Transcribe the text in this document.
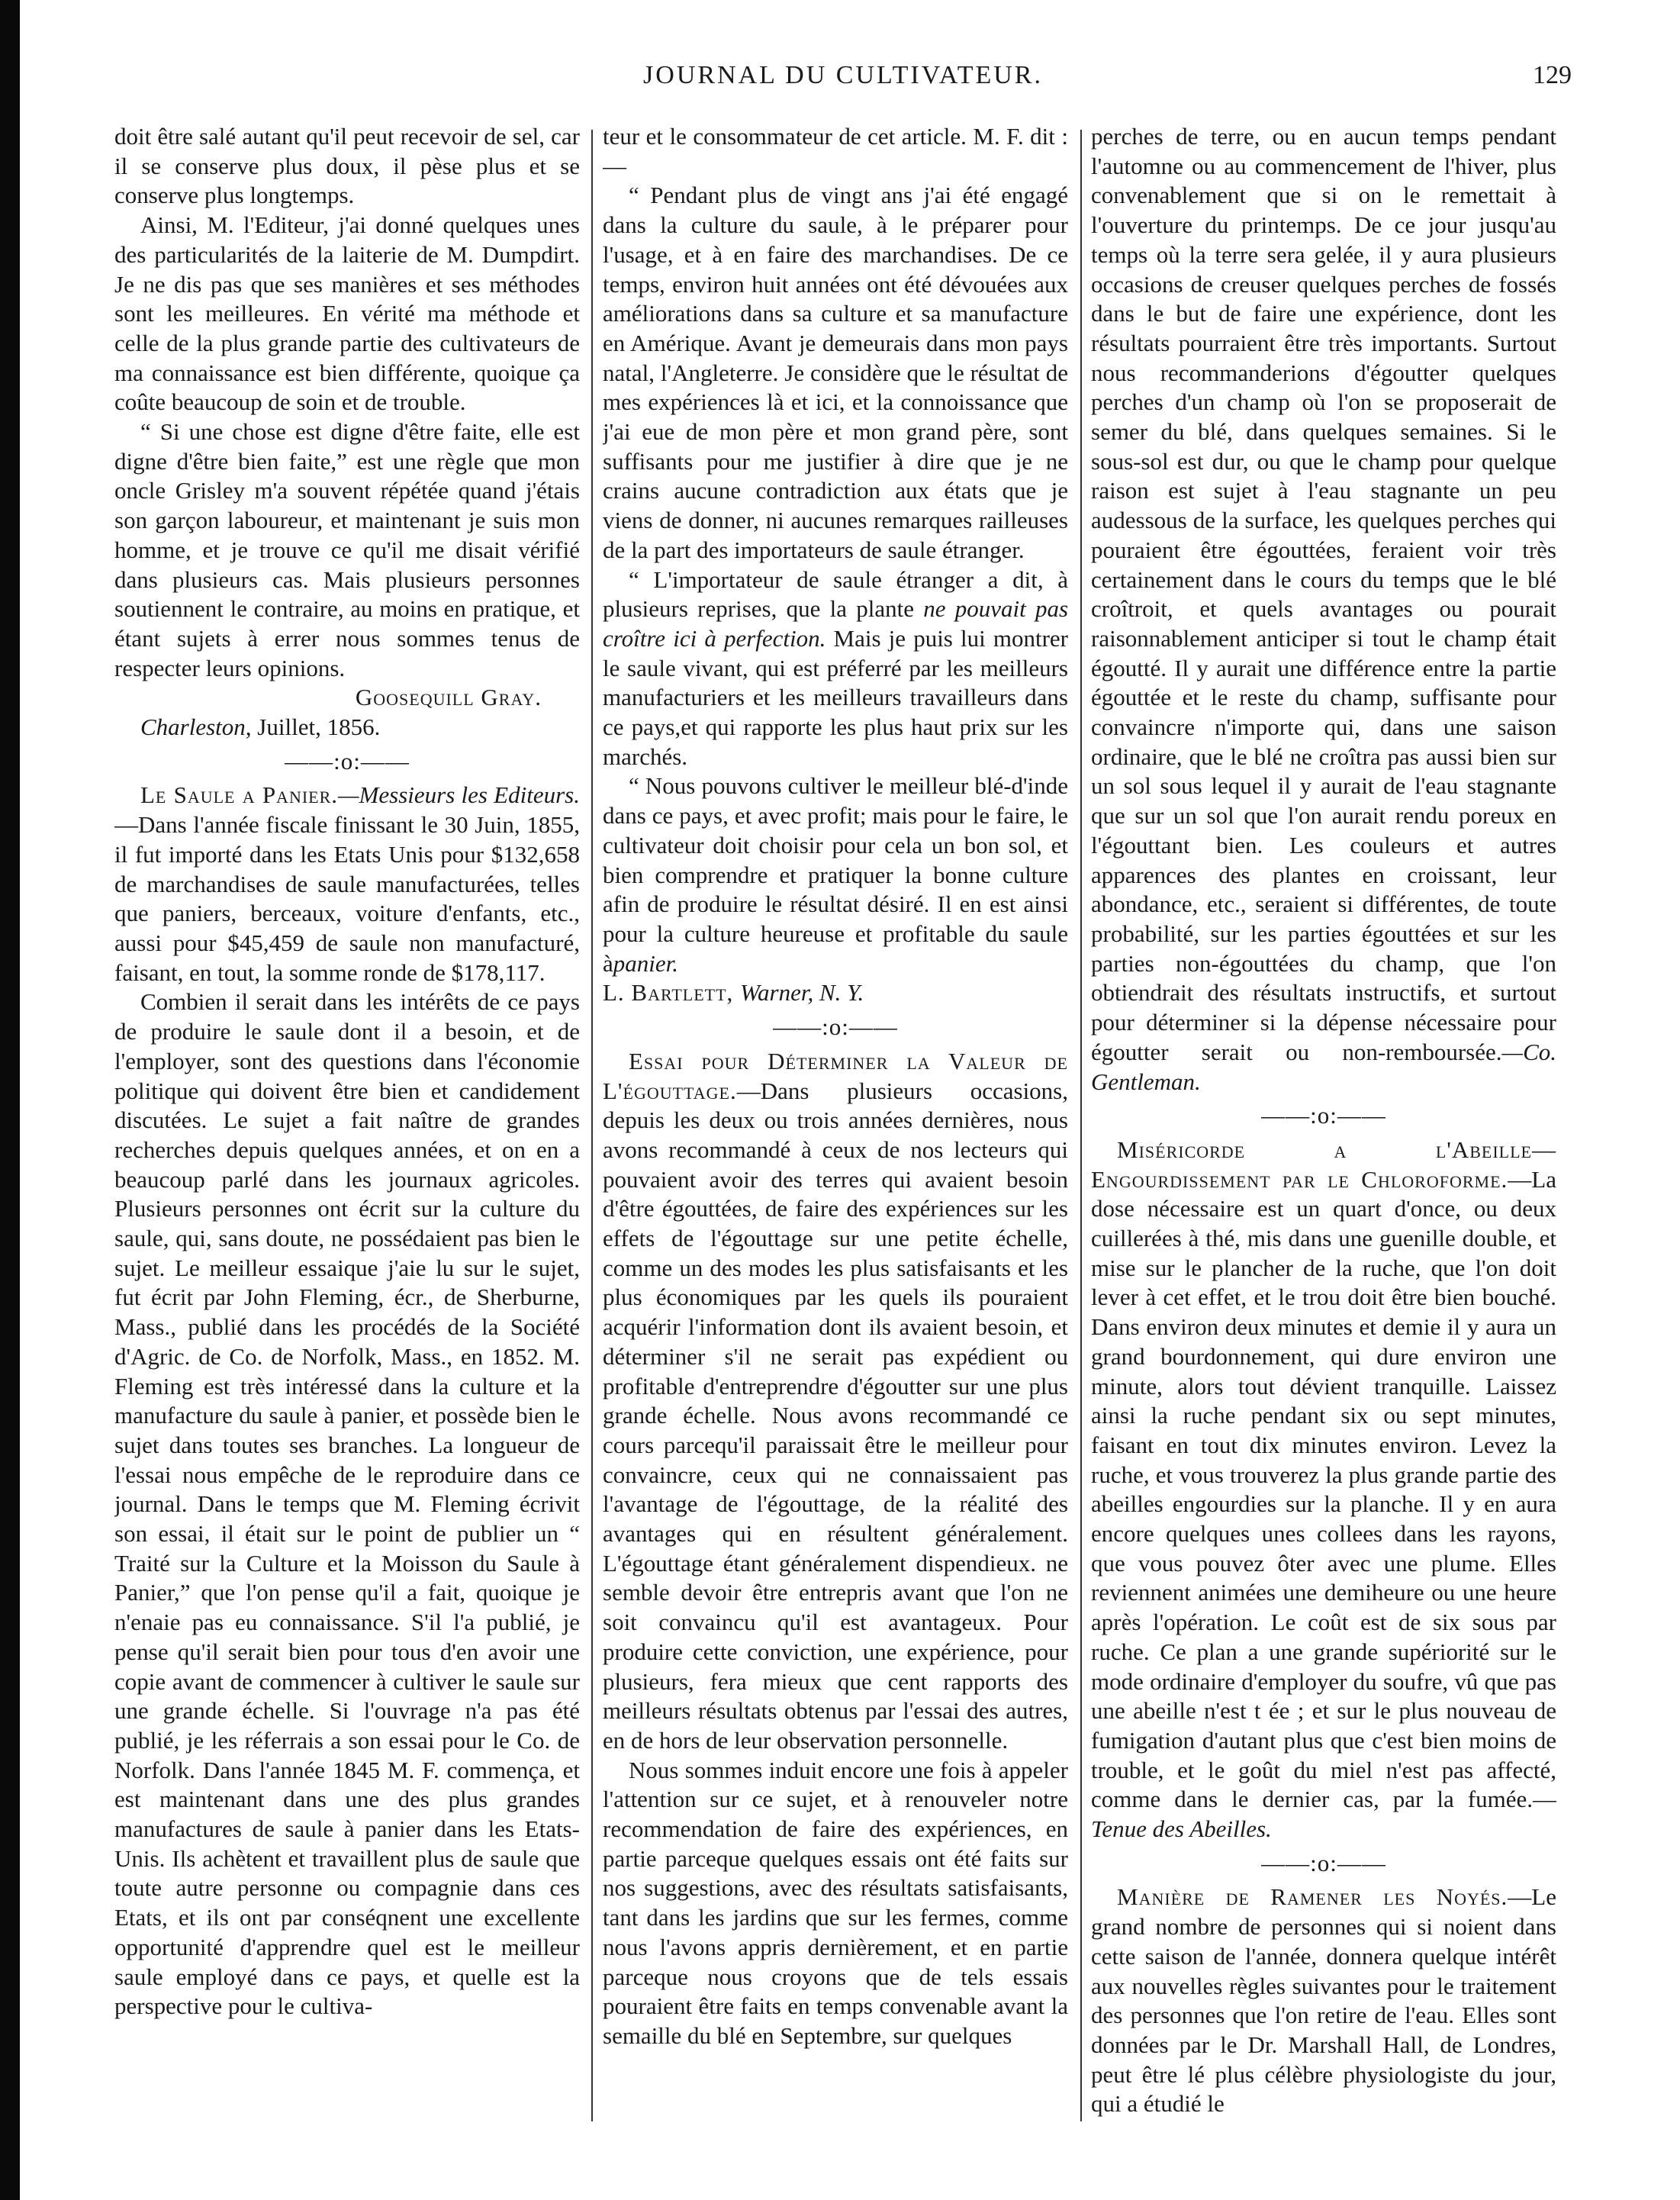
JOURNAL DU CULTIVATEUR.	129

doit être salé autant qu'il peut recevoir de sel, car il se conserve plus doux, il pèse plus et se conserve plus longtemps.

Ainsi, M. l'Editeur, j'ai donné quelques unes des particularités de la laiterie de M. Dumpdirt. Je ne dis pas que ses manières et ses méthodes sont les meilleures. En vérité ma méthode et celle de la plus grande partie des cultivateurs de ma connaissance est bien différente, quoique ça coûte beaucoup de soin et de trouble.

“ Si une chose est digne d'être faite, elle est digne d'être bien faite,” est une règle que mon oncle Grisley m'a souvent répétée quand j'étais son garçon laboureur, et maintenant je suis mon homme, et je trouve ce qu'il me disait vérifié dans plusieurs cas. Mais plusieurs personnes soutiennent le contraire, au moins en pratique, et étant sujets à errer nous sommes tenus de respecter leurs opinions.

Goosequill Gray.

Charleston, Juillet, 1856.

——:o:——

Le Saule a Panier.—Messieurs les Editeurs.—Dans l'année fiscale finissant le 30 Juin, 1855, il fut importé dans les Etats Unis pour $132,658 de marchandises de saule manufacturées, telles que paniers, berceaux, voiture d'enfants, etc., aussi pour $45,459 de saule non manufacturé, faisant, en tout, la somme ronde de $178,117.

Combien il serait dans les intérêts de ce pays de produire le saule dont il a besoin, et de l'employer, sont des questions dans l'économie politique qui doivent être bien et candidement discutées. Le sujet a fait naître de grandes recherches depuis quelques années, et on en a beaucoup parlé dans les journaux agricoles. Plusieurs personnes ont écrit sur la culture du saule, qui, sans doute, ne possédaient pas bien le sujet. Le meilleur essaique j'aie lu sur le sujet, fut écrit par John Fleming, écr., de Sherburne, Mass., publié dans les procédés de la Société d'Agric. de Co. de Norfolk, Mass., en 1852. M. Fleming est très intéressé dans la culture et la manufacture du saule à panier, et possède bien le sujet dans toutes ses branches. La longueur de l'essai nous empêche de le reproduire dans ce journal. Dans le temps que M. Fleming écrivit son essai, il était sur le point de publier un “ Traité sur la Culture et la Moisson du Saule à Panier,” que l'on pense qu'il a fait, quoique je n'enaie pas eu connaissance. S'il l'a publié, je pense qu'il serait bien pour tous d'en avoir une copie avant de commencer à cultiver le saule sur une grande échelle. Si l'ouvrage n'a pas été publié, je les réferrais a son essai pour le Co. de Norfolk. Dans l'année 1845 M. F. commença, et est maintenant dans une des plus grandes manufactures de saule à panier dans les Etats-Unis. Ils achètent et travaillent plus de saule que toute autre personne ou compagnie dans ces Etats, et ils ont par conséqnent une excellente opportunité d'apprendre quel est le meilleur saule employé dans ce pays, et quelle est la perspective pour le cultiva-

teur et le consommateur de cet article. M. F. dit :—

“ Pendant plus de vingt ans j'ai été engagé dans la culture du saule, à le préparer pour l'usage, et à en faire des marchandises. De ce temps, environ huit années ont été dévouées aux améliorations dans sa culture et sa manufacture en Amérique. Avant je demeurais dans mon pays natal, l'Angleterre. Je considère que le résultat de mes expériences là et ici, et la connoissance que j'ai eue de mon père et mon grand père, sont suffisants pour me justifier à dire que je ne crains aucune contradiction aux états que je viens de donner, ni aucunes remarques railleuses de la part des importateurs de saule étranger.

“ L'importateur de saule étranger a dit, à plusieurs reprises, que la plante ne pouvait pas croître ici à perfection. Mais je puis lui montrer le saule vivant, qui est préferré par les meilleurs manufacturiers et les meilleurs travailleurs dans ce pays,et qui rapporte les plus haut prix sur les marchés.

“ Nous pouvons cultiver le meilleur blé-d'inde dans ce pays, et avec profit; mais pour le faire, le cultivateur doit choisir pour cela un bon sol, et bien comprendre et pratiquer la bonne culture afin de produire le résultat désiré. Il en est ainsi pour la culture heureuse et profitable du saule àpanier.

L. Bartlett, Warner, N. Y.

——:o:——

Essai pour Déterminer la Valeur de L'égouttage.—Dans plusieurs occasions, depuis les deux ou trois années dernières, nous avons recommandé à ceux de nos lecteurs qui pouvaient avoir des terres qui avaient besoin d'être égouttées, de faire des expériences sur les effets de l'égouttage sur une petite échelle, comme un des modes les plus satisfaisants et les plus économiques par les quels ils pouraient acquérir l'information dont ils avaient besoin, et déterminer s'il ne serait pas expédient ou profitable d'entreprendre d'égoutter sur une plus grande échelle. Nous avons recommandé ce cours parcequ'il paraissait être le meilleur pour convaincre, ceux qui ne connaissaient pas l'avantage de l'égouttage, de la réalité des avantages qui en résultent généralement. L'égouttage étant généralement dispendieux. ne semble devoir être entrepris avant que l'on ne soit convaincu qu'il est avantageux. Pour produire cette conviction, une expérience, pour plusieurs, fera mieux que cent rapports des meilleurs résultats obtenus par l'essai des autres, en de hors de leur observation personnelle.

Nous sommes induit encore une fois à appeler l'attention sur ce sujet, et à renouveler notre recommendation de faire des expériences, en partie parceque quelques essais ont été faits sur nos suggestions, avec des résultats satisfaisants, tant dans les jardins que sur les fermes, comme nous l'avons appris dernièrement, et en partie parceque nous croyons que de tels essais pouraient être faits en temps convenable avant la semaille du blé en Septembre, sur quelques

perches de terre, ou en aucun temps pendant l'automne ou au commencement de l'hiver, plus convenablement que si on le remettait à l'ouverture du printemps. De ce jour jusqu'au temps où la terre sera gelée, il y aura plusieurs occasions de creuser quelques perches de fossés dans le but de faire une expérience, dont les résultats pourraient être très importants. Surtout nous recommanderions d'égoutter quelques perches d'un champ où l'on se proposerait de semer du blé, dans quelques semaines. Si le sous-sol est dur, ou que le champ pour quelque raison est sujet à l'eau stagnante un peu audessous de la surface, les quelques perches qui pouraient être égouttées, feraient voir très certainement dans le cours du temps que le blé croîtroit, et quels avantages ou pourait raisonnablement anticiper si tout le champ était égoutté. Il y aurait une différence entre la partie égouttée et le reste du champ, suffisante pour convaincre n'importe qui, dans une saison ordinaire, que le blé ne croîtra pas aussi bien sur un sol sous lequel il y aurait de l'eau stagnante que sur un sol que l'on aurait rendu poreux en l'égouttant bien. Les couleurs et autres apparences des plantes en croissant, leur abondance, etc., seraient si différentes, de toute probabilité, sur les parties égouttées et sur les parties non-égouttées du champ, que l'on obtiendrait des résultats instructifs, et surtout pour déterminer si la dépense nécessaire pour égoutter serait ou non-remboursée.—Co. Gentleman.

——:o:——

Miséricorde a l'Abeille—Engourdissement par le Chloroforme.—La dose nécessaire est un quart d'once, ou deux cuillerées à thé, mis dans une guenille double, et mise sur le plancher de la ruche, que l'on doit lever à cet effet, et le trou doit être bien bouché. Dans environ deux minutes et demie il y aura un grand bourdonnement, qui dure environ une minute, alors tout dévient tranquille. Laissez ainsi la ruche pendant six ou sept minutes, faisant en tout dix minutes environ. Levez la ruche, et vous trouverez la plus grande partie des abeilles engourdies sur la planche. Il y en aura encore quelques unes collees dans les rayons, que vous pouvez ôter avec une plume. Elles reviennent animées une demiheure ou une heure après l'opération. Le coût est de six sous par ruche. Ce plan a une grande supériorité sur le mode ordinaire d'employer du soufre, vû que pas une abeille n'est t ée ; et sur le plus nouveau de fumigation d'autant plus que c'est bien moins de trouble, et le goût du miel n'est pas affecté, comme dans le dernier cas, par la fumée.—Tenue des Abeilles.

——:o:——

Manière de Ramener les Noyés.—Le grand nombre de personnes qui si noient dans cette saison de l'année, donnera quelque intérêt aux nouvelles règles suivantes pour le traitement des personnes que l'on retire de l'eau. Elles sont données par le Dr. Marshall Hall, de Londres, peut être lé plus célèbre physiologiste du jour, qui a étudié le
